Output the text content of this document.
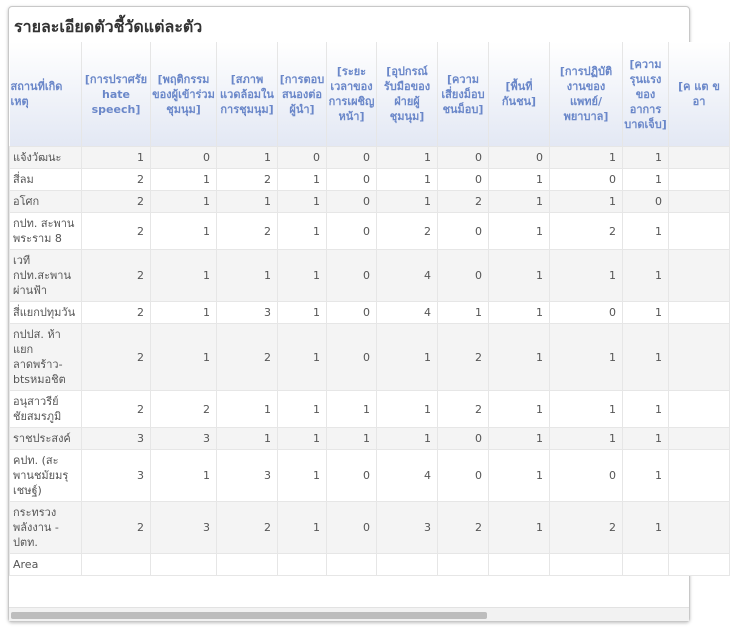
รายละเอียดตัวชี้วัดแต่ละตัว
สถานที่เกิดเหตุ	[การปราศรัย hate speech]	[พฤติกรรมของผู้เข้าร่วมชุมนุม]	[สภาพแวดล้อมในการชุมนุม]	[การตอบสนองต่อผู้นำ]	[ระยะเวลาของการเผชิญหน้า]	[อุปกรณ์รับมือของฝ่ายผู้ชุมนุม]	[ความเสี่ยงม็อบชนม็อบ]	[พื้นที่กันชน]	[การปฏิบัติงานของแพทย์/พยาบาล]	[ความรุนแรงของอาการบาดเจ็บ]	[ค แต ข อา
แจ้งวัฒนะ	1	0	1	0	0	1	0	0	1	1	
สี่ลม	2	1	2	1	0	1	0	1	0	1	
อโศก	2	1	1	1	0	1	2	1	1	0	
กปท. สะพานพระราม 8	2	1	2	1	0	2	0	1	2	1	
เวที กปท.สะพานผ่านฟ้า	2	1	1	1	0	4	0	1	1	1	
สี่แยกปทุมวัน	2	1	3	1	0	4	1	1	0	1	
กปปส. ห้าแยกลาดพร้าว-btsหมอชิต	2	1	2	1	0	1	2	1	1	1	
อนุสาวรีย์ชัยสมรภูมิ	2	2	1	1	1	1	2	1	1	1	
ราชประสงค์	3	3	1	1	1	1	0	1	1	1	
คปท. (สะพานชมัยมรุเชษฐ์)	3	1	3	1	0	4	0	1	0	1	
กระทรวงพลังงาน - ปตท.	2	3	2	1	0	3	2	1	2	1	
Area											
